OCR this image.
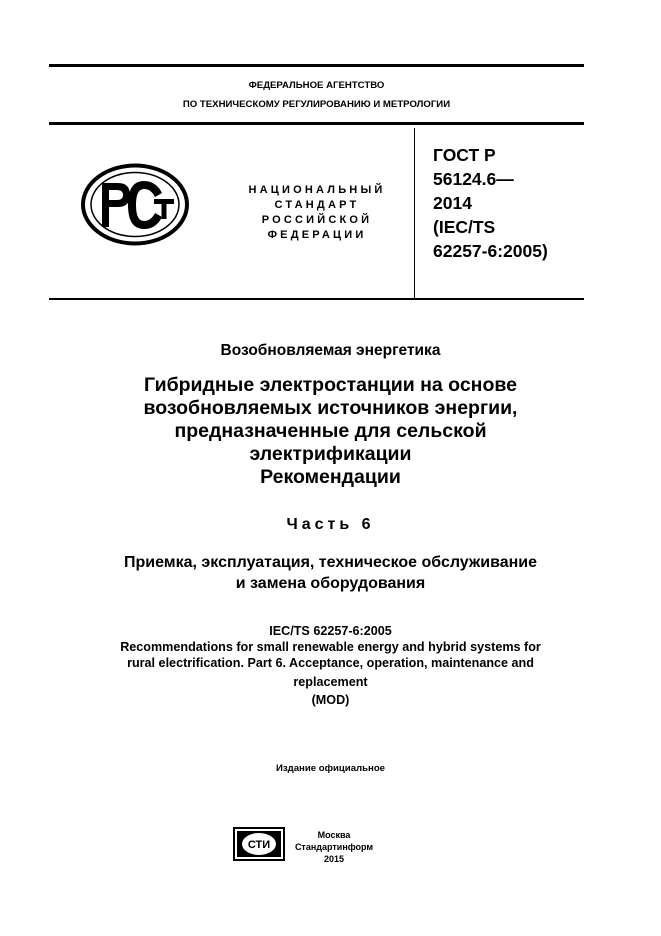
ФЕДЕРАЛЬНОЕ АГЕНТСТВО
ПО ТЕХНИЧЕСКОМУ РЕГУЛИРОВАНИЮ И МЕТРОЛОГИИ
НАЦИОНАЛЬНЫЙ
СТАНДАРТ
РОССИЙСКОЙ
ФЕДЕРАЦИИ
ГОСТ Р
56124.6—
2014
(IEC/TS
62257-6:2005)
Возобновляемая энергетика
Гибридные электростанции на основе
возобновляемых источников энергии,
предназначенные для сельской
электрификации
Рекомендации
Часть 6
Приемка, эксплуатация, техническое обслуживание
и замена оборудования
IEC/TS 62257-6:2005
Recommendations for small renewable energy and hybrid systems for
rural electrification. Part 6. Acceptance, operation, maintenance and
replacement
(MOD)
Издание официальное
СТИ
Москва
Стандартинформ
2015
